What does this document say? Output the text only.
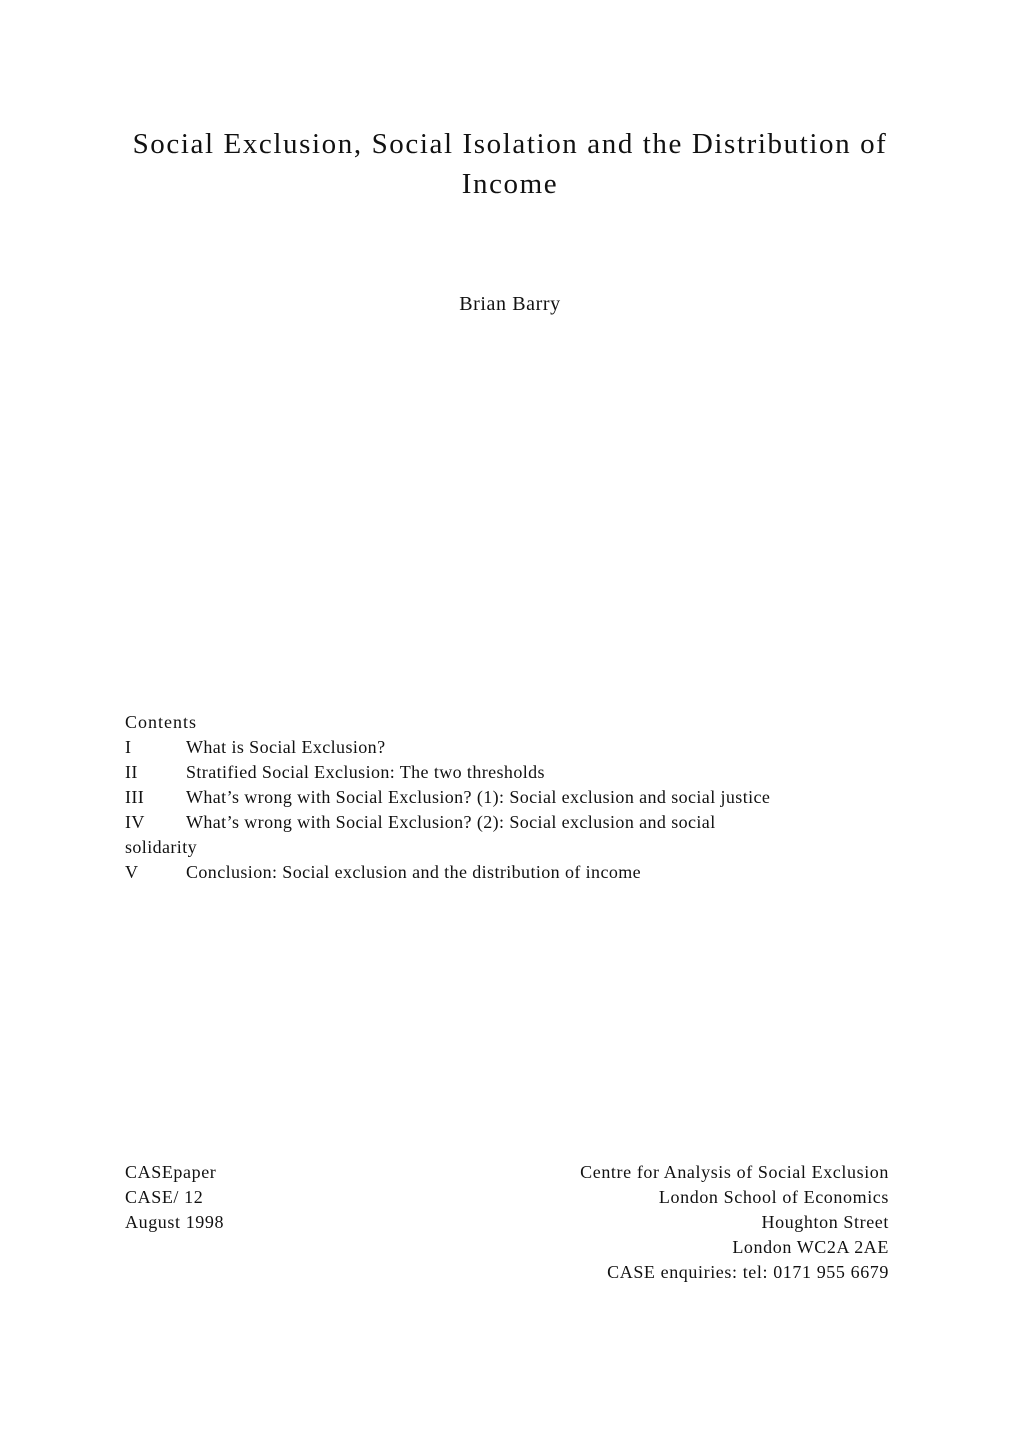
Social Exclusion, Social Isolation and the Distribution of Income
Brian Barry
Contents
I	What is Social Exclusion?
II	Stratified Social Exclusion: The two thresholds
III What’s wrong with Social Exclusion? (1): Social exclusion and social justice
IV What’s wrong with Social Exclusion? (2): Social exclusion and social
solidarity
V	Conclusion: Social exclusion and the distribution of income
CASEpaper
CASE/ 12
August 1998
Centre for Analysis of Social Exclusion
London School of Economics
Houghton Street
London WC2A 2AE
CASE enquiries: tel: 0171 955 6679
